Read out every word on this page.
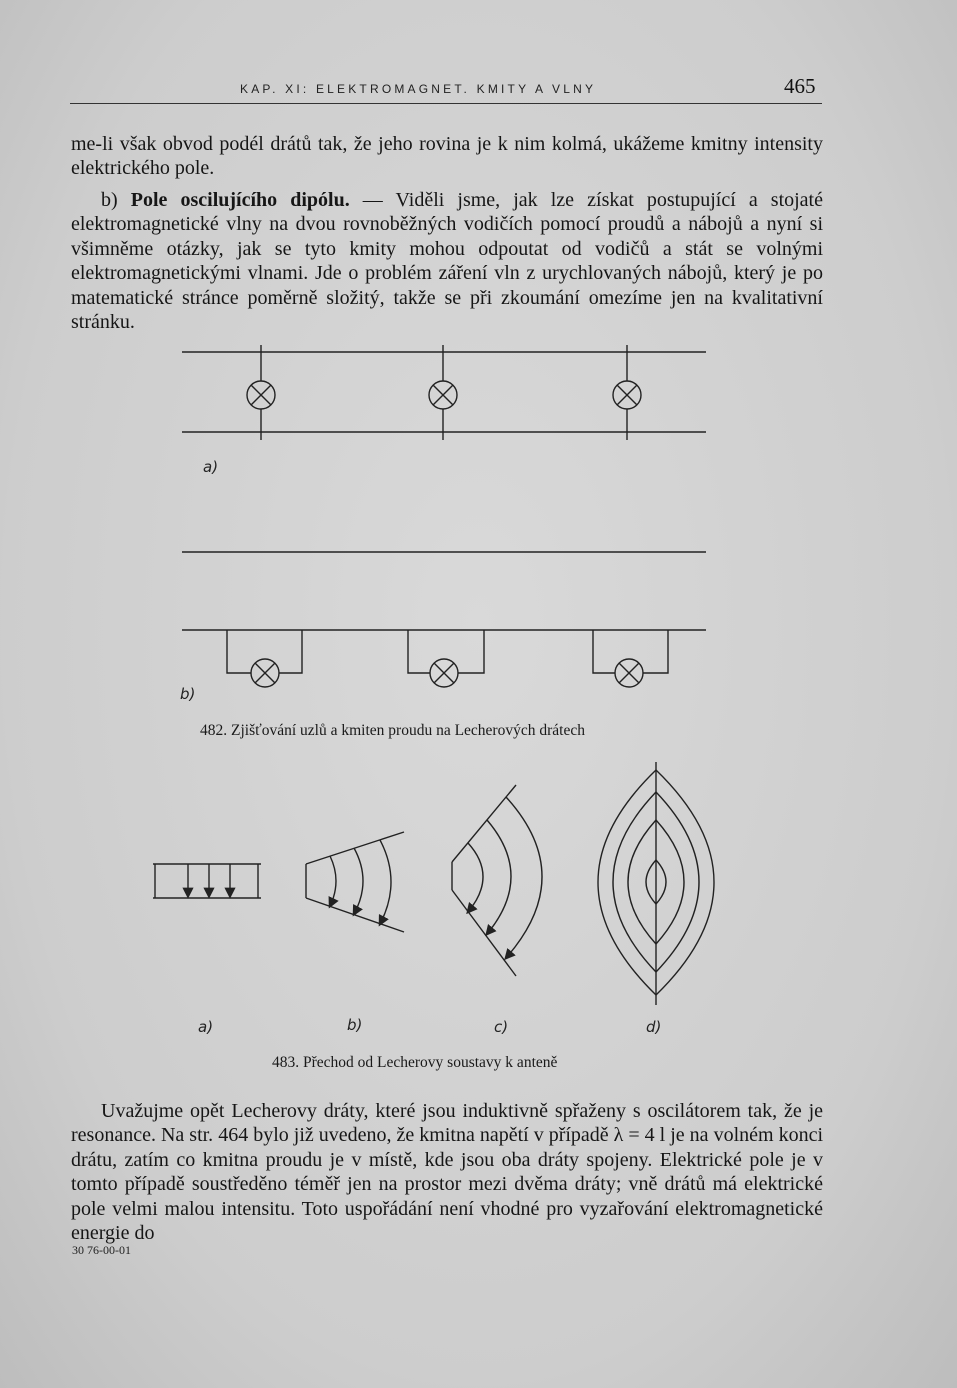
KAP. XI: ELEKTROMAGNET. KMITY A VLNY	465

me-li však obvod podél drátů tak, že jeho rovina je k nim kolmá, ukážeme kmitny intensity elektrického pole.

b) Pole oscilujícího dipólu. — Viděli jsme, jak lze získat postupující a stojaté elektromagnetické vlny na dvou rovnoběžných vodičích pomocí proudů a nábojů a nyní si všimněme otázky, jak se tyto kmity mohou odpoutat od vodičů a stát se volnými elektromagnetickými vlnami. Jde o problém záření vln z urychlovaných nábojů, který je po matematické stránce poměrně složitý, takže se při zkoumání omezíme jen na kvalitativní stránku.

a)
b)
482. Zjišťování uzlů a kmiten proudu na Lecherových drátech
a)	b)	c)	d)
483. Přechod od Lecherovy soustavy k anteně

Uvažujme opět Lecherovy dráty, které jsou induktivně spřaženy s oscilátorem tak, že je resonance. Na str. 464 bylo již uvedeno, že kmitna napětí v případě λ = 4 l je na volném konci drátu, zatím co kmitna proudu je v místě, kde jsou oba dráty spojeny. Elektrické pole je v tomto případě soustředěno téměř jen na prostor mezi dvěma dráty; vně drátů má elektrické pole velmi malou intensitu. Toto uspořádání není vhodné pro vyzařování elektromagnetické energie do

30 76-00-01
